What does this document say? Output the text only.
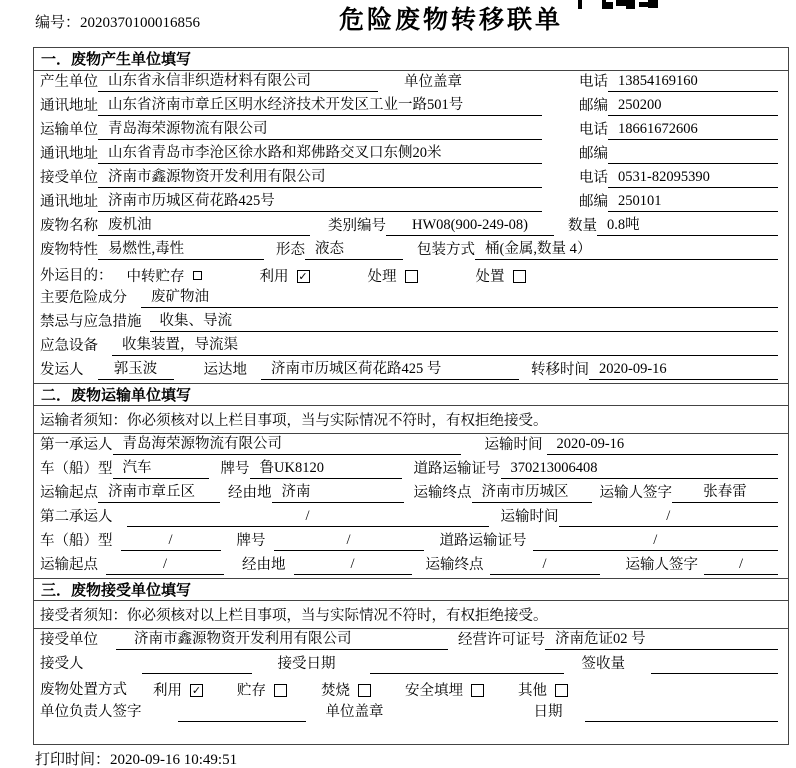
编号：2020370100016856	危险废物转移联单
一．废物产生单位填写
产生单位 山东省永信非织造材料有限公司	单位盖章	电话 13854169160
通讯地址 山东省济南市章丘区明水经济技术开发区工业一路501号	邮编 250200
运输单位 青岛海荣源物流有限公司	电话 18661672606
通讯地址 山东省青岛市李沧区徐水路和郑佛路交叉口东侧20米	邮编
接受单位 济南市鑫源物资开发利用有限公司	电话 0531-82095390
通讯地址 济南市历城区荷花路425号	邮编 250101
废物名称 废机油	类别编号	HW08(900-249-08)	数量 0.8吨
废物特性 易燃性,毒性	形态 液态	包装方式 桶(金属,数量 4）
外运目的： 中转贮存	利用 ✓	处理	处置
主要危险成分	废矿物油
禁忌与应急措施	收集、导流
应急设备	收集装置，导流渠
发运人	郭玉波	运达地	济南市历城区荷花路425 号	转移时间 2020-09-16
二．废物运输单位填写
运输者须知：你必须核对以上栏目事项，当与实际情况不符时，有权拒绝接受。
第一承运人 青岛海荣源物流有限公司	运输时间 2020-09-16
车（船）型 汽车	牌号 鲁UK8120	道路运输证号 370213006408
运输起点 济南市章丘区	经由地 济南	运输终点 济南市历城区	运输人签字	张春雷
第二承运人	/	运输时间	/
车（船）型	/	牌号	/	道路运输证号	/
运输起点	/	经由地	/	运输终点	/	运输人签字	/
三．废物接受单位填写
接受者须知：你必须核对以上栏目事项，当与实际情况不符时，有权拒绝接受。
接受单位	济南市鑫源物资开发利用有限公司	经营许可证号 济南危证02 号
接受人	接受日期	签收量
废物处置方式 利用 ✓ 贮存	焚烧	安全填埋	其他
单位负责人签字	单位盖章	日期
打印时间：2020-09-16 10:49:51
